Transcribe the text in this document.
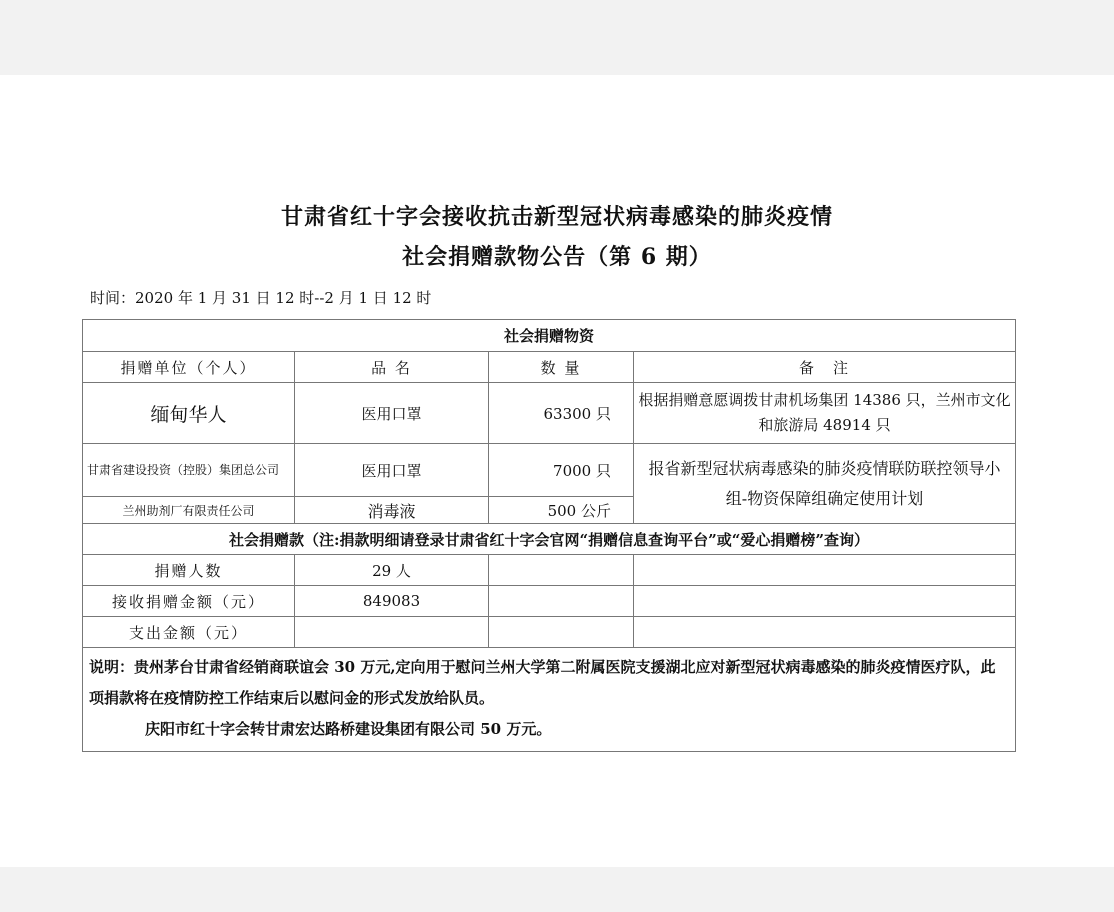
甘肃省红十字会接收抗击新型冠状病毒感染的肺炎疫情
社会捐赠款物公告（第 6 期）
时间：2020 年 1 月 31 日 12 时--2 月 1 日 12 时
社会捐赠物资			
捐赠单位（个人）	品 名	数 量	备　注
缅甸华人	医用口罩	63300 只	根据捐赠意愿调拨甘肃机场集团 14386 只，兰州市文化和旅游局 48914 只
甘肃省建设投资（控股）集团总公司	医用口罩	7000 只	报省新型冠状病毒感染的肺炎疫情联防联控领导小组-物资保障组确定使用计划
兰州助剂厂有限责任公司	消毒液	500 公斤	
社会捐赠款（注:捐款明细请登录甘肃省红十字会官网“捐赠信息查询平台”或“爱心捐赠榜”查询）			
捐赠人数	29 人		
接收捐赠金额（元）	849083		
支出金额（元）			
说明：贵州茅台甘肃省经销商联谊会 30 万元,定向用于慰问兰州大学第二附属医院支援湖北应对新型冠状病毒感染的肺炎疫情医疗队，此项捐款将在疫情防控工作结束后以慰问金的形式发放给队员。
庆阳市红十字会转甘肃宏达路桥建设集团有限公司 50 万元。			
